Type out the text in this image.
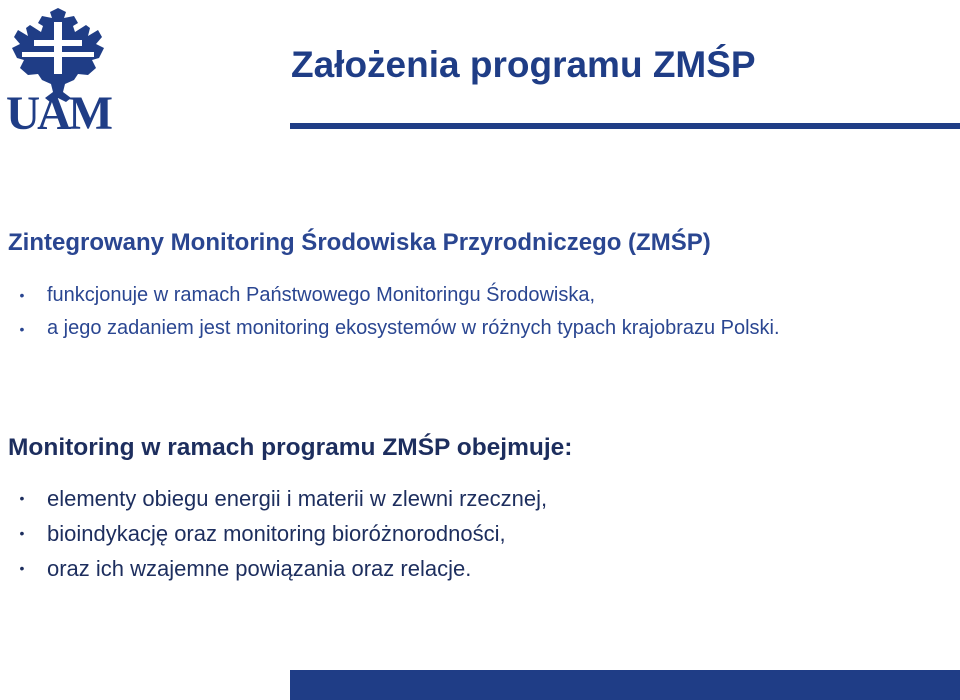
UAM
Założenia programu ZMŚP
Zintegrowany Monitoring Środowiska Przyrodniczego (ZMŚP)
• funkcjonuje w ramach Państwowego Monitoringu Środowiska,
• a jego zadaniem jest monitoring ekosystemów w różnych typach krajobrazu Polski.
Monitoring w ramach programu ZMŚP obejmuje:
• elementy obiegu energii i materii w zlewni rzecznej,
• bioindykację oraz monitoring bioróżnorodności,
• oraz ich wzajemne powiązania oraz relacje.
